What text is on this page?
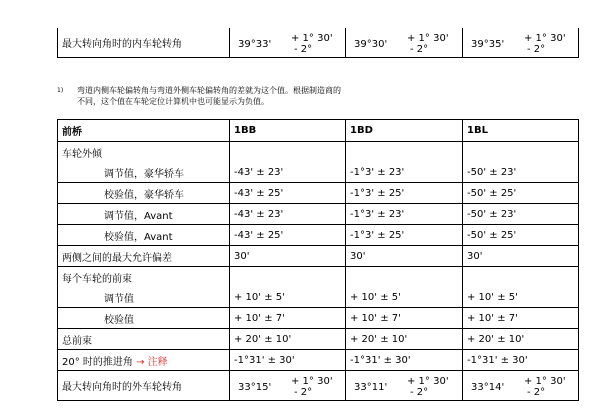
最大转向角时的内车轮转角	39°33'
+ 1° 30'
- 2°	39°30'
+ 1° 30'
- 2°	39°35'
+ 1° 30'
- 2°
1) 弯道内侧车轮偏转角与弯道外侧车轮偏转角的差就为这个值。根据制造商的
不同，这个值在车轮定位计算机中也可能显示为负值。
前桥	1BB	1BD	1BL
车轮外倾			
调节值，豪华轿车	-43' ± 23'	-1°3' ± 23'	-50' ± 23'
校验值，豪华轿车	-43' ± 25'	-1°3' ± 25'	-50' ± 25'
调节值，Avant	-43' ± 23'	-1°3' ± 23'	-50' ± 23'
校验值，Avant	-43' ± 25'	-1°3' ± 25'	-50' ± 25'
两侧之间的最大允许偏差	30'	30'	30'
每个车轮的前束			
调节值	+ 10' ± 5'	+ 10' ± 5'	+ 10' ± 5'
校验值	+ 10' ± 7'	+ 10' ± 7'	+ 10' ± 7'
总前束	+ 20' ± 10'	+ 20' ± 10'	+ 20' ± 10'
20° 时的推进角 → 注释	-1°31' ± 30'	-1°31' ± 30'	-1°31' ± 30'
最大转向角时的外车轮转角	33°15'
+ 1° 30'
- 2°	33°11'
+ 1° 30'
- 2°	33°14'
+ 1° 30'
- 2°
